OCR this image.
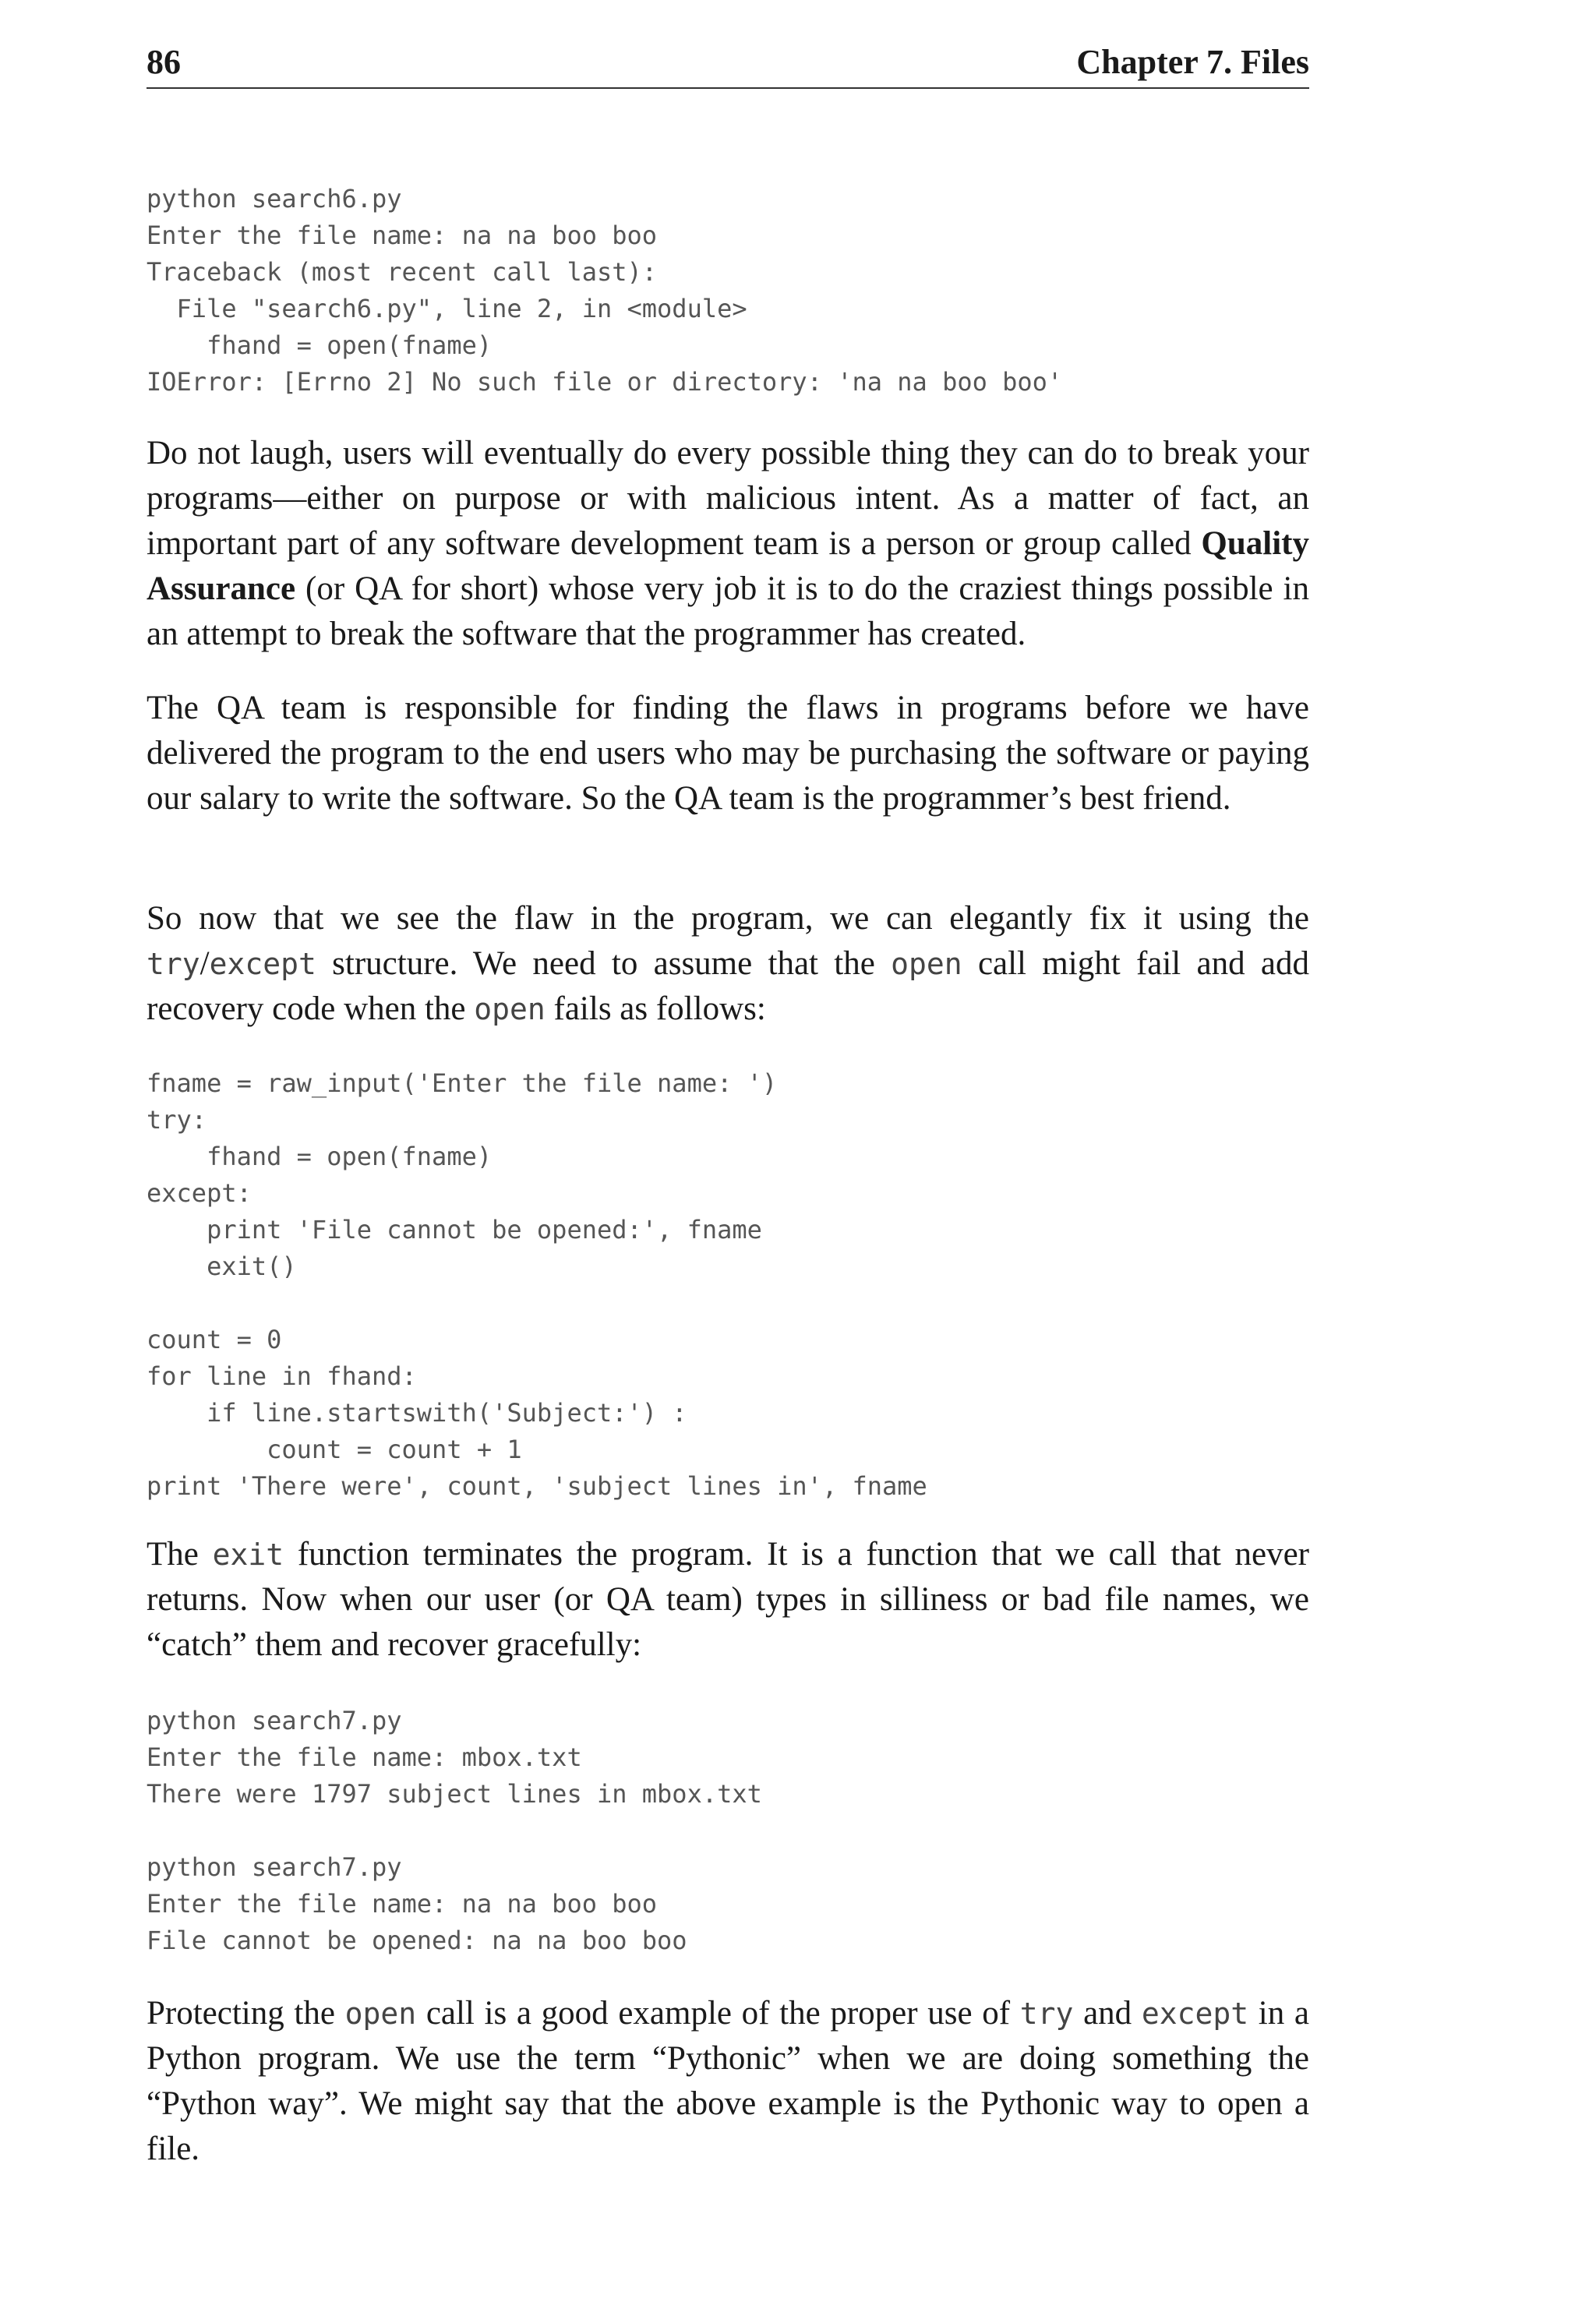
86	Chapter 7. Files
python search6.py
Enter the file name: na na boo boo
Traceback (most recent call last):
File "search6.py", line 2, in <module>
fhand = open(fname)
IOError: [Errno 2] No such file or directory: 'na na boo boo'

Do not laugh, users will eventually do every possible thing they can do to break your programs—either on purpose or with malicious intent. As a matter of fact, an important part of any software development team is a person or group called Quality Assurance (or QA for short) whose very job it is to do the craziest things possible in an attempt to break the software that the programmer has created.

The QA team is responsible for finding the flaws in programs before we have delivered the program to the end users who may be purchasing the software or paying our salary to write the software. So the QA team is the programmer’s best friend.

So now that we see the flaw in the program, we can elegantly fix it using the try/except structure. We need to assume that the open call might fail and add recovery code when the open fails as follows:

fname = raw_input('Enter the file name: ')
try:
fhand = open(fname)
except:
print 'File cannot be opened:', fname
exit()

count = 0
for line in fhand:
if line.startswith('Subject:') :
count = count + 1
print 'There were', count, 'subject lines in', fname

The exit function terminates the program. It is a function that we call that never returns. Now when our user (or QA team) types in silliness or bad file names, we “catch” them and recover gracefully:

python search7.py
Enter the file name: mbox.txt
There were 1797 subject lines in mbox.txt

python search7.py
Enter the file name: na na boo boo
File cannot be opened: na na boo boo

Protecting the open call is a good example of the proper use of try and except in a Python program. We use the term “Pythonic” when we are doing something the “Python way”. We might say that the above example is the Pythonic way to open a file.
